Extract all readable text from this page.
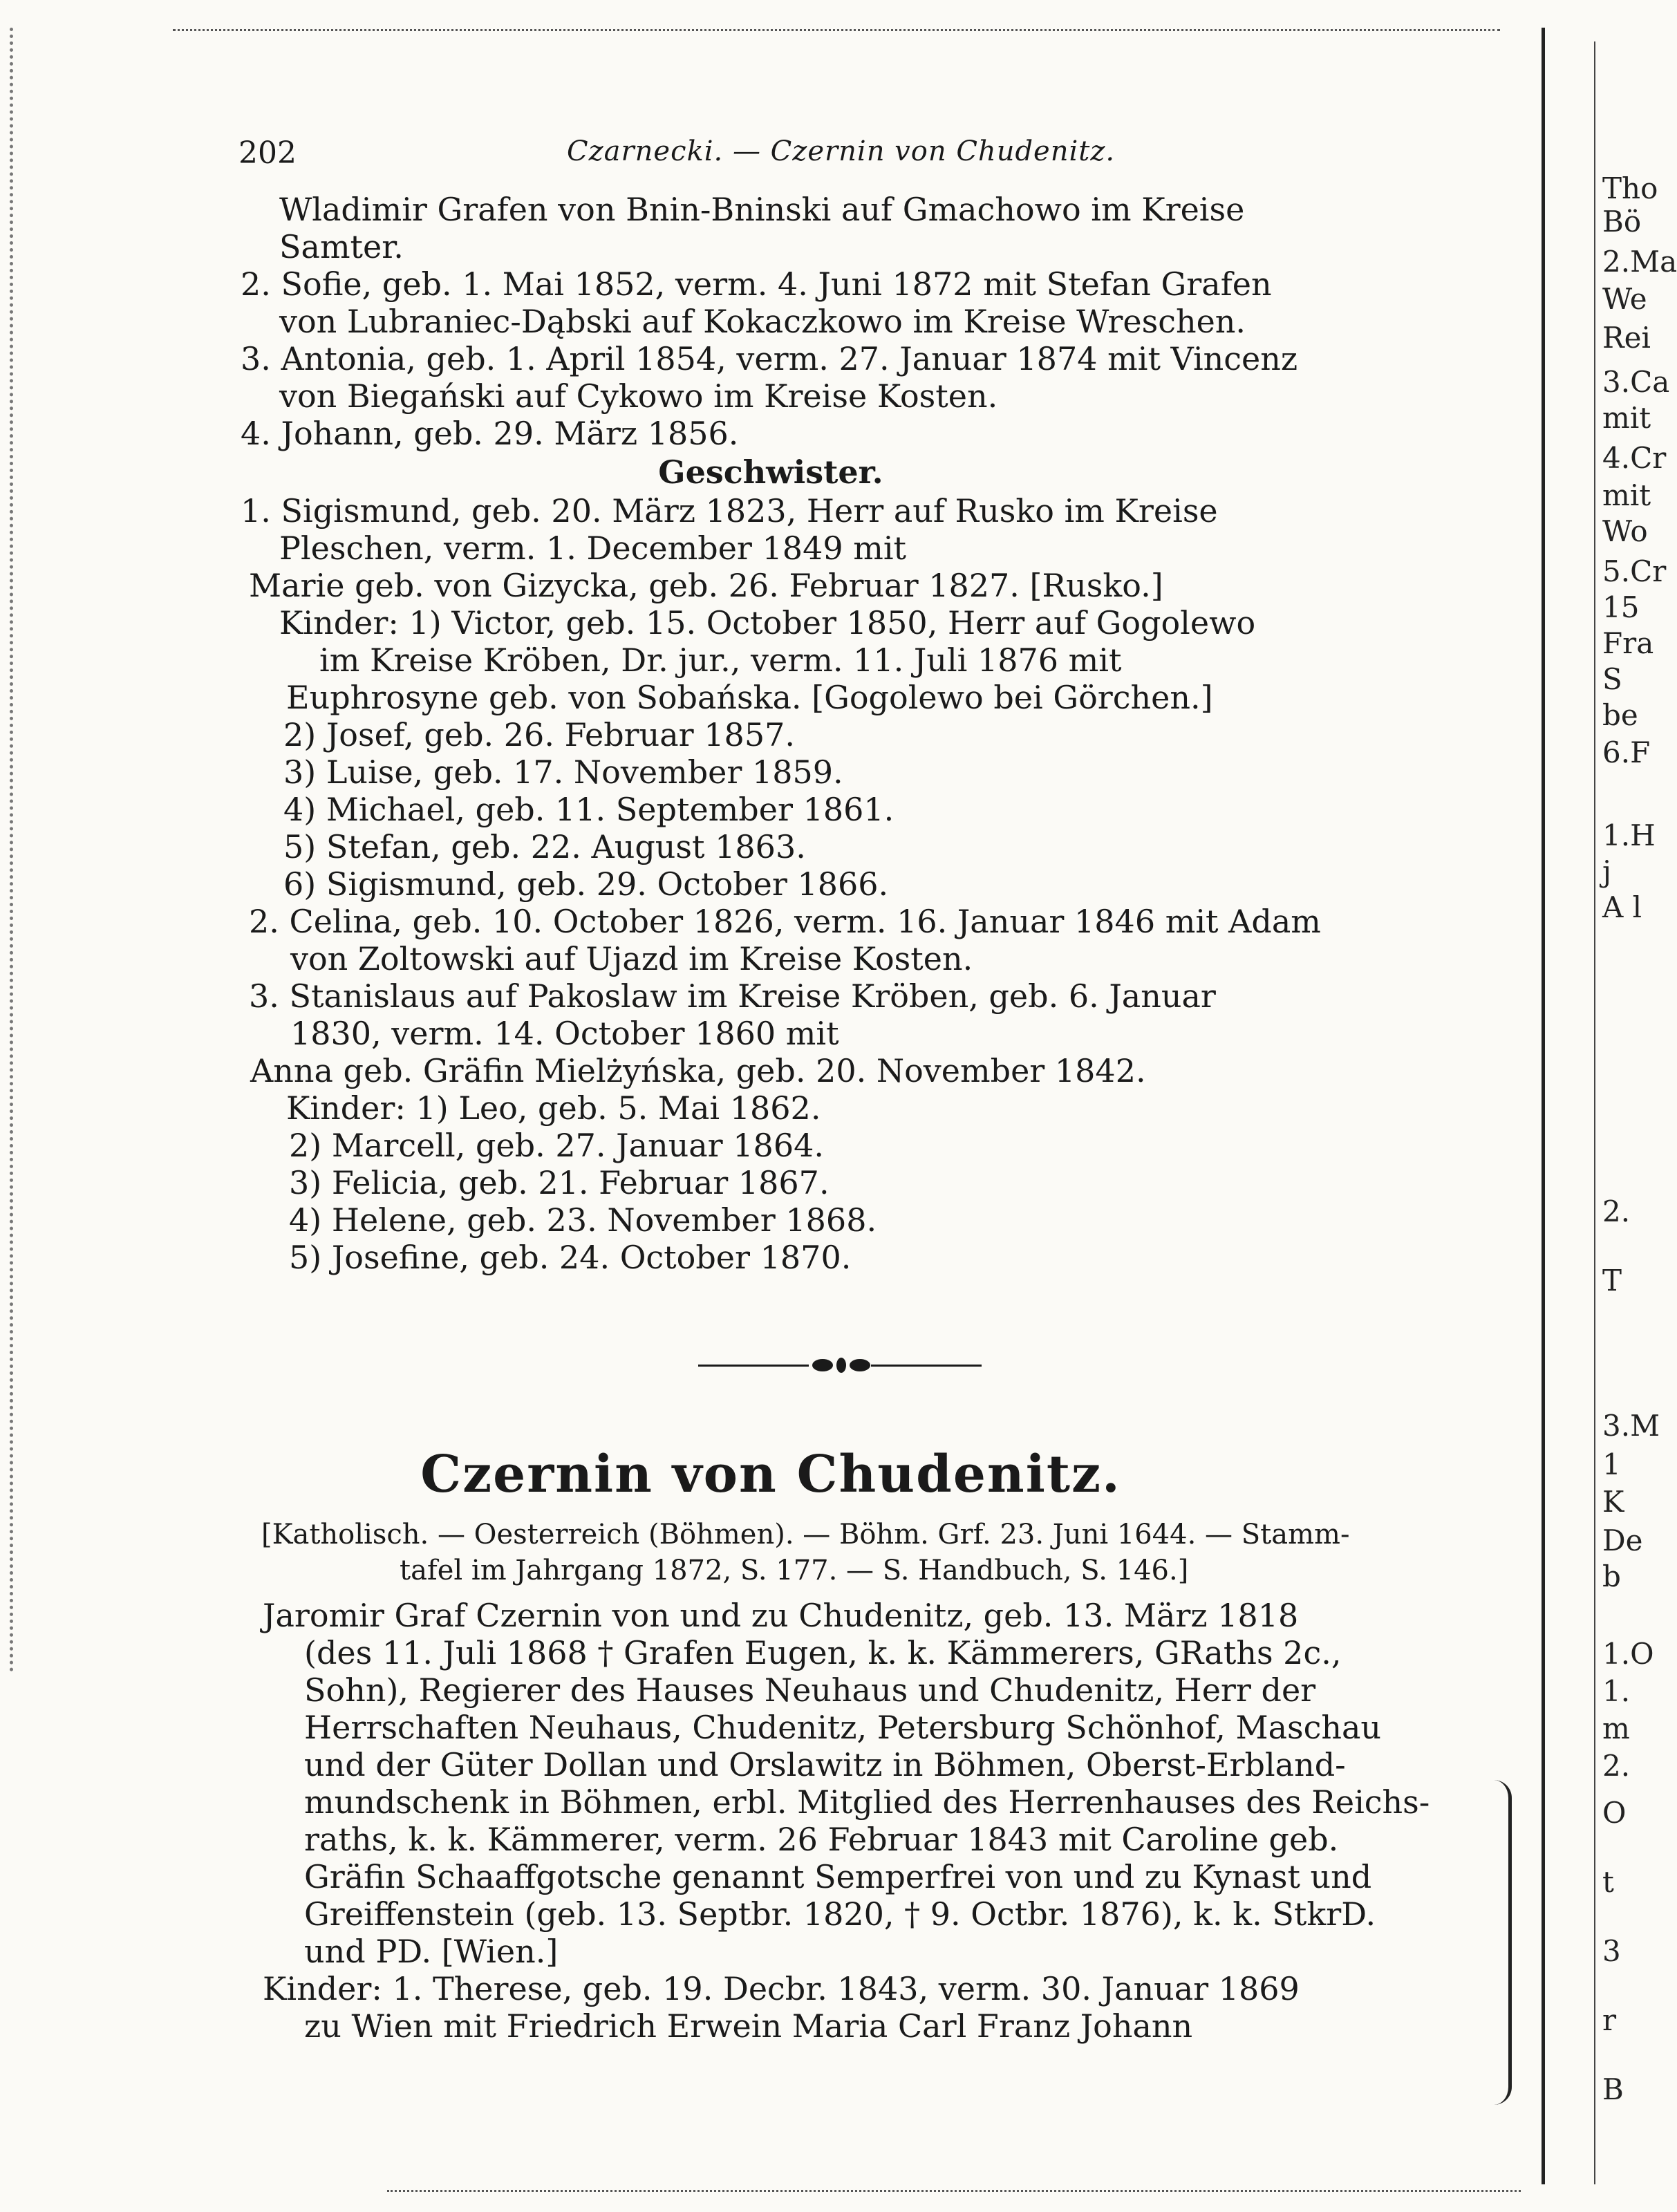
202	Czarnecki. — Czernin von Chudenitz.
Wladimir Grafen von Bnin-Bninski auf Gmachowo im Kreise
Samter.
2. Sofie, geb. 1. Mai 1852, verm. 4. Juni 1872 mit Stefan Grafen
von Lubraniec-Dąbski auf Kokaczkowo im Kreise Wreschen.
3. Antonia, geb. 1. April 1854, verm. 27. Januar 1874 mit Vincenz
von Biegański auf Cykowo im Kreise Kosten.
4. Johann, geb. 29. März 1856.
Geschwister.
1. Sigismund, geb. 20. März 1823, Herr auf Rusko im Kreise
Pleschen, verm. 1. December 1849 mit
Marie geb. von Gizycka, geb. 26. Februar 1827. [Rusko.]
Kinder: 1) Victor, geb. 15. October 1850, Herr auf Gogolewo
im Kreise Kröben, Dr. jur., verm. 11. Juli 1876 mit
Euphrosyne geb. von Sobańska. [Gogolewo bei Görchen.]
2) Josef, geb. 26. Februar 1857.
3) Luise, geb. 17. November 1859.
4) Michael, geb. 11. September 1861.
5) Stefan, geb. 22. August 1863.
6) Sigismund, geb. 29. October 1866.
2. Celina, geb. 10. October 1826, verm. 16. Januar 1846 mit Adam
von Zoltowski auf Ujazd im Kreise Kosten.
3. Stanislaus auf Pakoslaw im Kreise Kröben, geb. 6. Januar
1830, verm. 14. October 1860 mit
Anna geb. Gräfin Mielżyńska, geb. 20. November 1842.
Kinder: 1) Leo, geb. 5. Mai 1862.
2) Marcell, geb. 27. Januar 1864.
3) Felicia, geb. 21. Februar 1867.
4) Helene, geb. 23. November 1868.
5) Josefine, geb. 24. October 1870.
Czernin von Chudenitz.
[Katholisch. — Oesterreich (Böhmen). — Böhm. Grf. 23. Juni 1644. — Stamm-
tafel im Jahrgang 1872, S. 177. — S. Handbuch, S. 146.]
Jaromir Graf Czernin von und zu Chudenitz, geb. 13. März 1818
(des 11. Juli 1868 † Grafen Eugen, k. k. Kämmerers, GRaths 2c.,
Sohn), Regierer des Hauses Neuhaus und Chudenitz, Herr der
Herrschaften Neuhaus, Chudenitz, Petersburg Schönhof, Maschau
und der Güter Dollan und Orslawitz in Böhmen, Oberst-Erbland-
mundschenk in Böhmen, erbl. Mitglied des Herrenhauses des Reichs-
raths, k. k. Kämmerer, verm. 26 Februar 1843 mit Caroline geb.
Gräfin Schaaffgotsche genannt Semperfrei von und zu Kynast und
Greiffenstein (geb. 13. Septbr. 1820, † 9. Octbr. 1876), k. k. StkrD.
und PD. [Wien.]
Kinder: 1. Therese, geb. 19. Decbr. 1843, verm. 30. Januar 1869
zu Wien mit Friedrich Erwein Maria Carl Franz Johann
Tho
Bö
2.Ma
We
Rei
3.Ca
mit
4.Cr
mit
Wo
5.Cr
15
Fra
S
be
6.F
1.H
j
A l
2.
T
3.M
1
K
De
b
1.O
1.
m
2.
O
t
3
r
B
